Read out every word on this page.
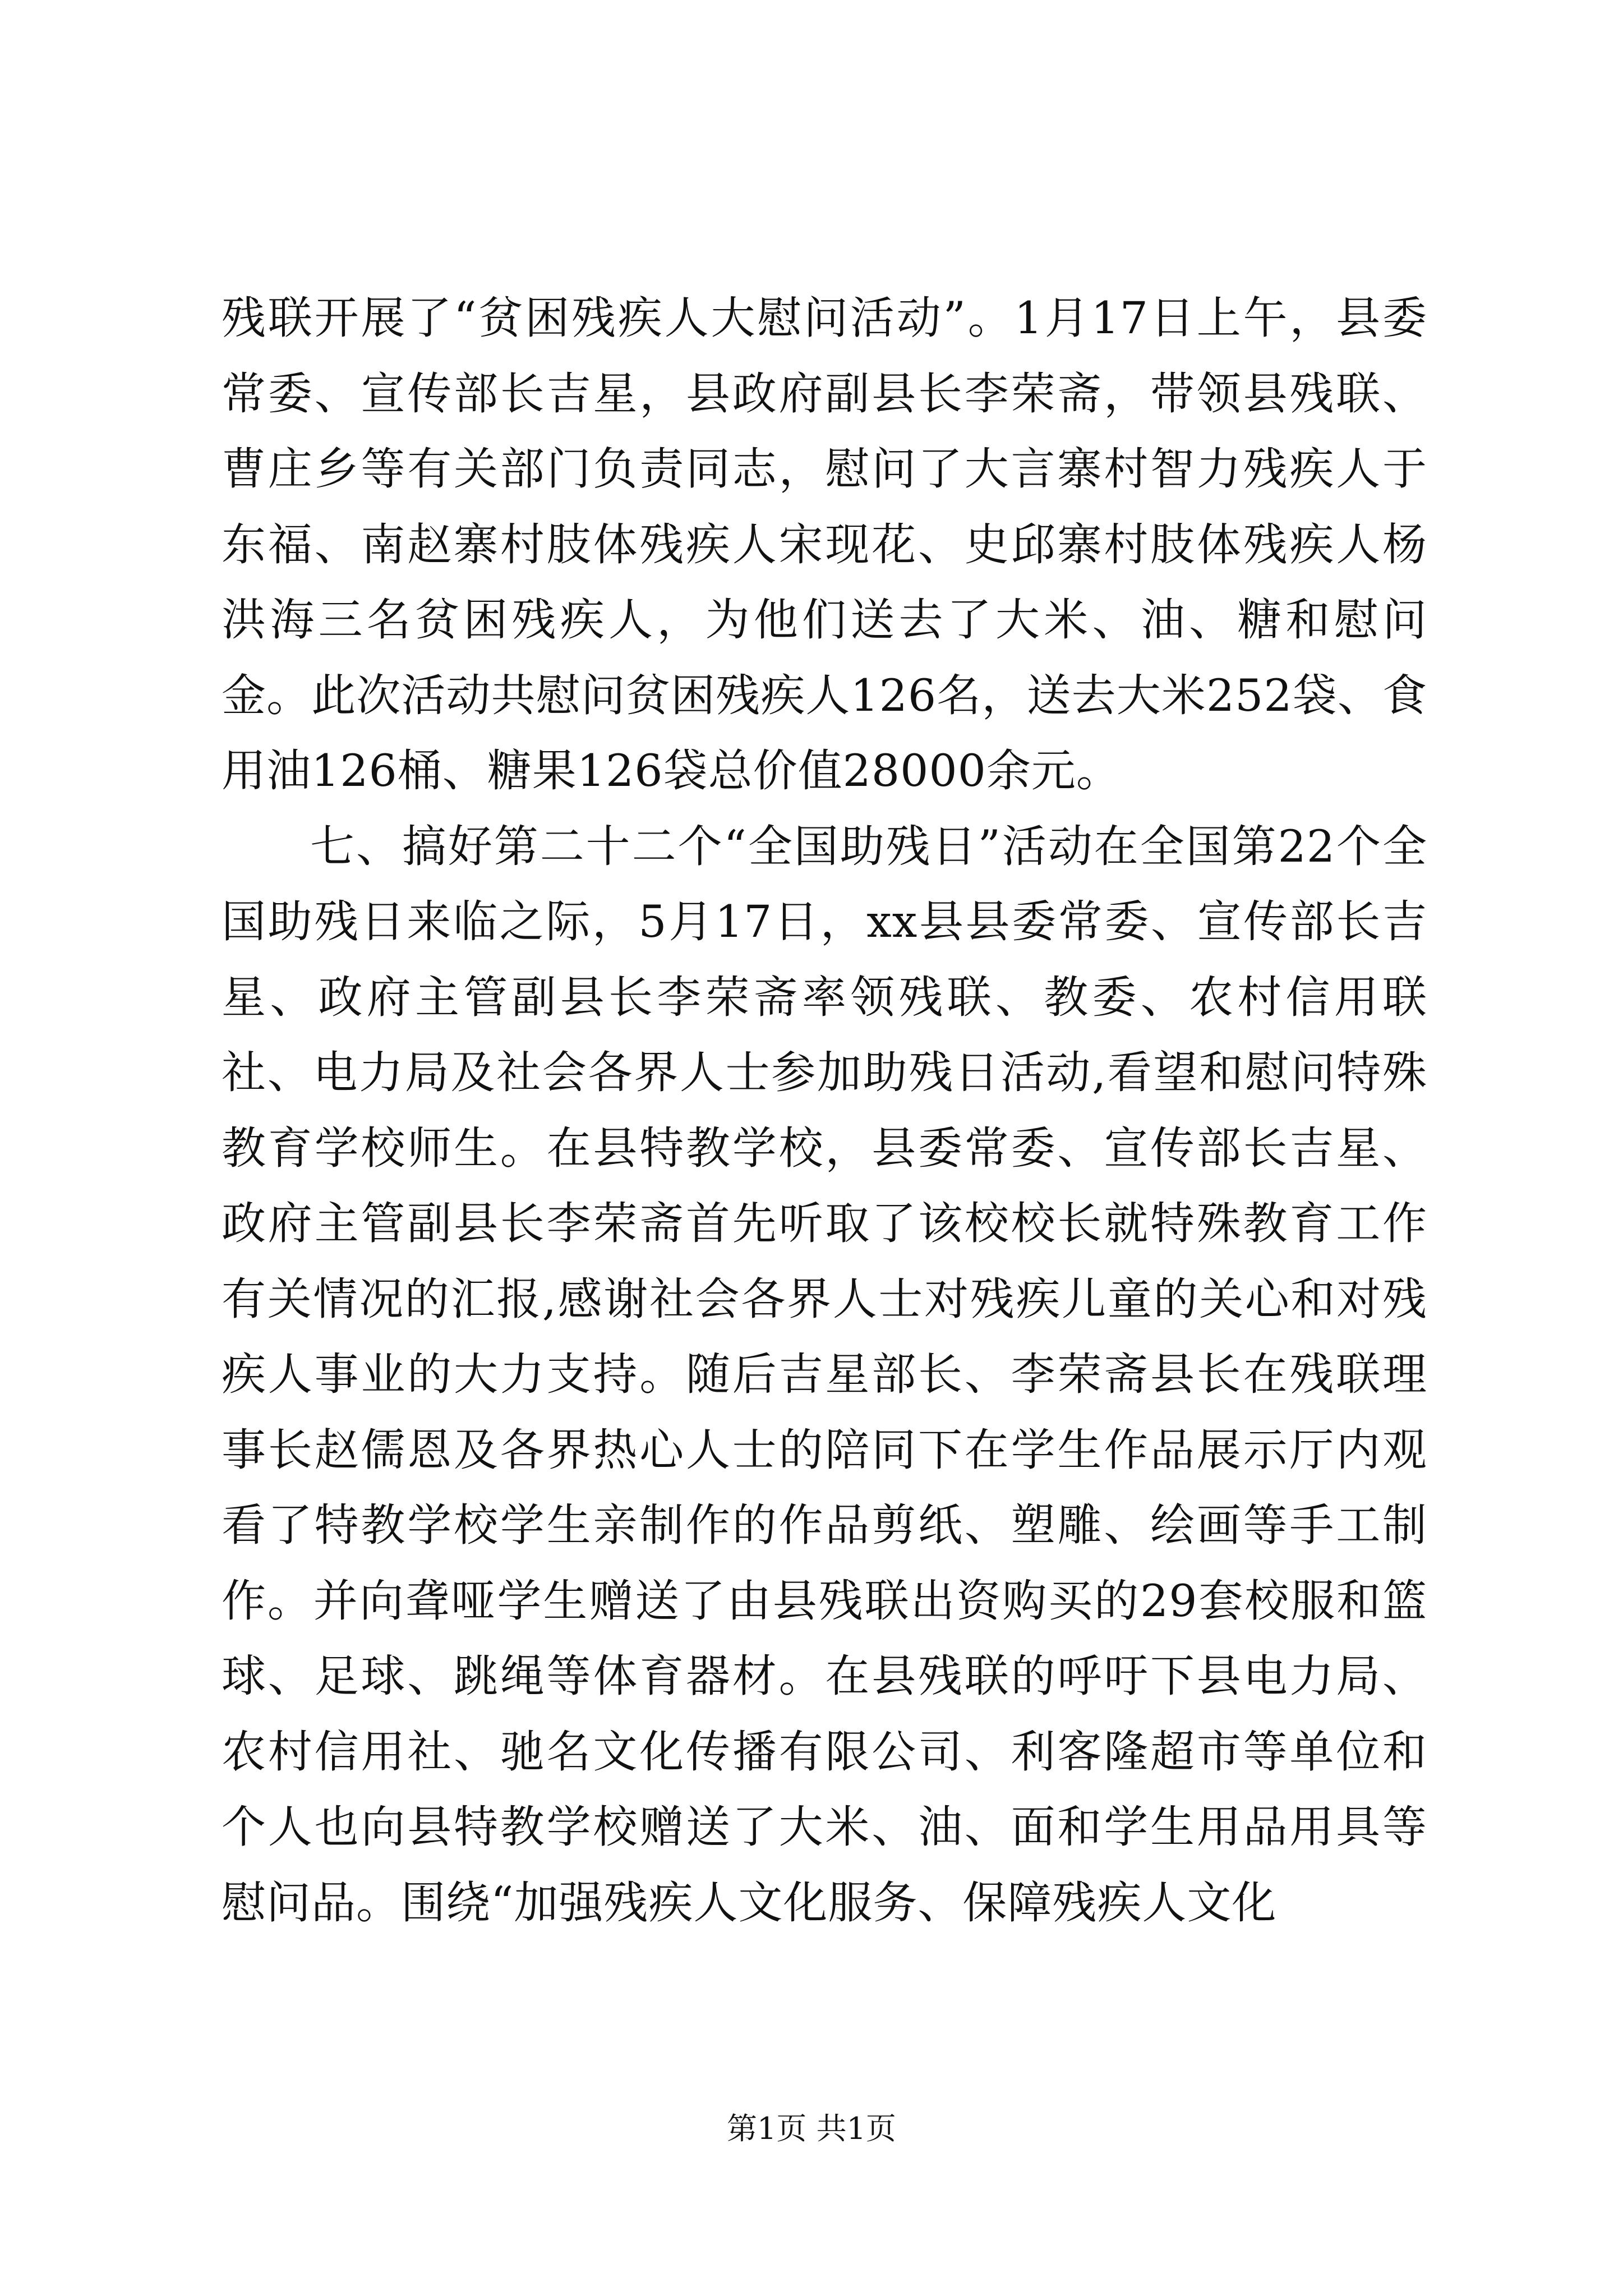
残联开展了“贫困残疾人大慰问活动”。1月17日上午，县委常委、宣传部长吉星，县政府副县长李荣斋，带领县残联、曹庄乡等有关部门负责同志，慰问了大言寨村智力残疾人于东福、南赵寨村肢体残疾人宋现花、史邱寨村肢体残疾人杨洪海三名贫困残疾人，为他们送去了大米、油、糖和慰问金。此次活动共慰问贫困残疾人126名，送去大米252袋、食用油126桶、糖果126袋总价值28000余元。

七、搞好第二十二个“全国助残日”活动在全国第22个全国助残日来临之际，5月17日，xx县县委常委、宣传部长吉星、政府主管副县长李荣斋率领残联、教委、农村信用联社、电力局及社会各界人士参加助残日活动,看望和慰问特殊教育学校师生。在县特教学校，县委常委、宣传部长吉星、政府主管副县长李荣斋首先听取了该校校长就特殊教育工作有关情况的汇报,感谢社会各界人士对残疾儿童的关心和对残疾人事业的大力支持。随后吉星部长、李荣斋县长在残联理事长赵儒恩及各界热心人士的陪同下在学生作品展示厅内观看了特教学校学生亲制作的作品剪纸、塑雕、绘画等手工制作。并向聋哑学生赠送了由县残联出资购买的29套校服和篮球、足球、跳绳等体育器材。在县残联的呼吁下县电力局、农村信用社、驰名文化传播有限公司、利客隆超市等单位和个人也向县特教学校赠送了大米、油、面和学生用品用具等慰问品。围绕“加强残疾人文化服务、保障残疾人文化

第1页 共1页
